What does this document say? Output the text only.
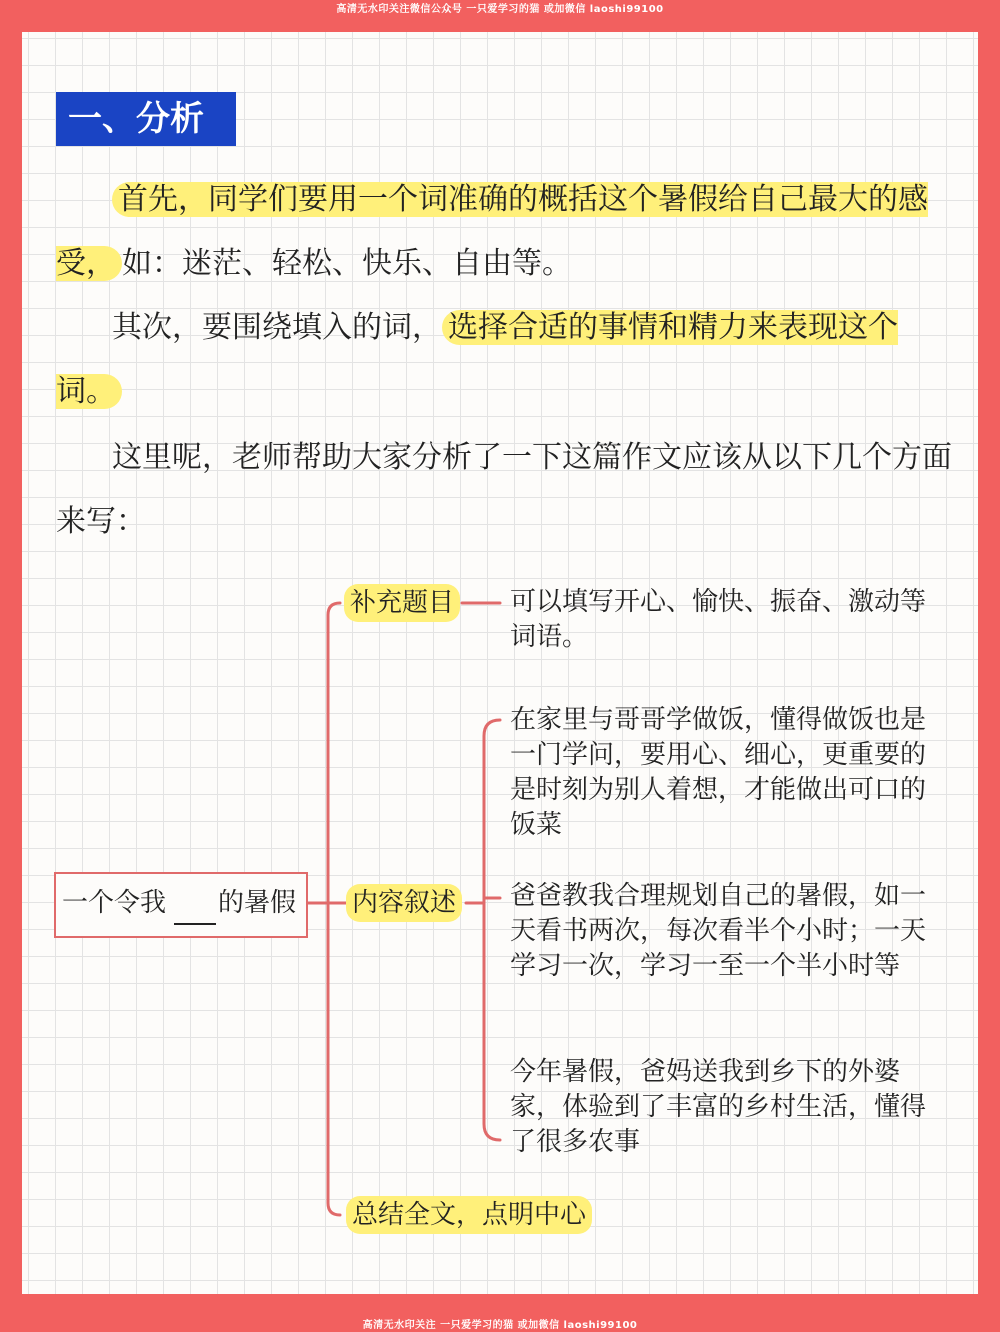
高清无水印关注微信公众号 一只爱学习的猫 或加微信 laoshi99100
一、分析
首先，同学们要用一个词准确的概括这个暑假给自己最大的感受， 如：迷茫、轻松、快乐、自由等。
其次，要围绕填入的词， 选择合适的事情和精力来表现这个词。
这里呢，老师帮助大家分析了一下这篇作文应该从以下几个方面来写：
一个令我 的暑假
补充题目
内容叙述
总结全文，点明中心
可以填写开心、愉快、振奋、激动等词语。
在家里与哥哥学做饭，懂得做饭也是一门学问，要用心、细心，更重要的是时刻为别人着想，才能做出可口的饭菜
爸爸教我合理规划自己的暑假，如一天看书两次，每次看半个小时；一天学习一次，学习一至一个半小时等
今年暑假，爸妈送我到乡下的外婆家，体验到了丰富的乡村生活，懂得了很多农事
高清无水印关注 一只爱学习的猫 或加微信 laoshi99100
